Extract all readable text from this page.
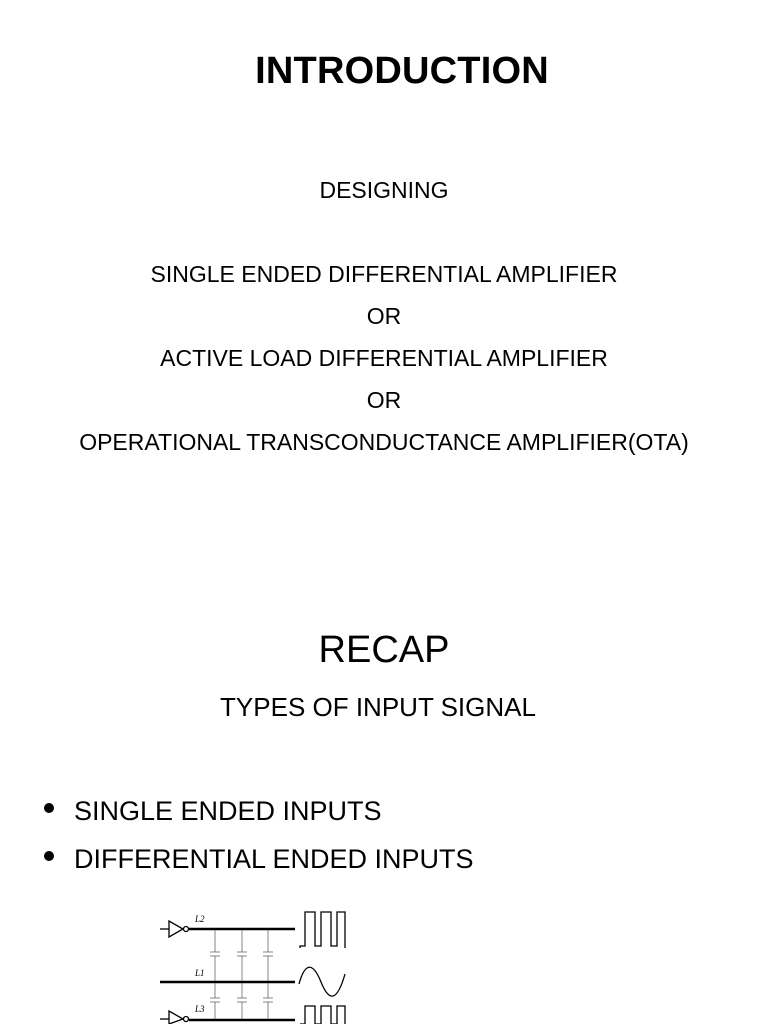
INTRODUCTION
DESIGNING
SINGLE ENDED DIFFERENTIAL AMPLIFIER
OR
ACTIVE LOAD DIFFERENTIAL AMPLIFIER
OR
OPERATIONAL TRANSCONDUCTANCE AMPLIFIER(OTA)
RECAP

TYPES OF INPUT SIGNAL

SINGLE ENDED INPUTS
DIFFERENTIAL ENDED INPUTS
L2
L1
L3
